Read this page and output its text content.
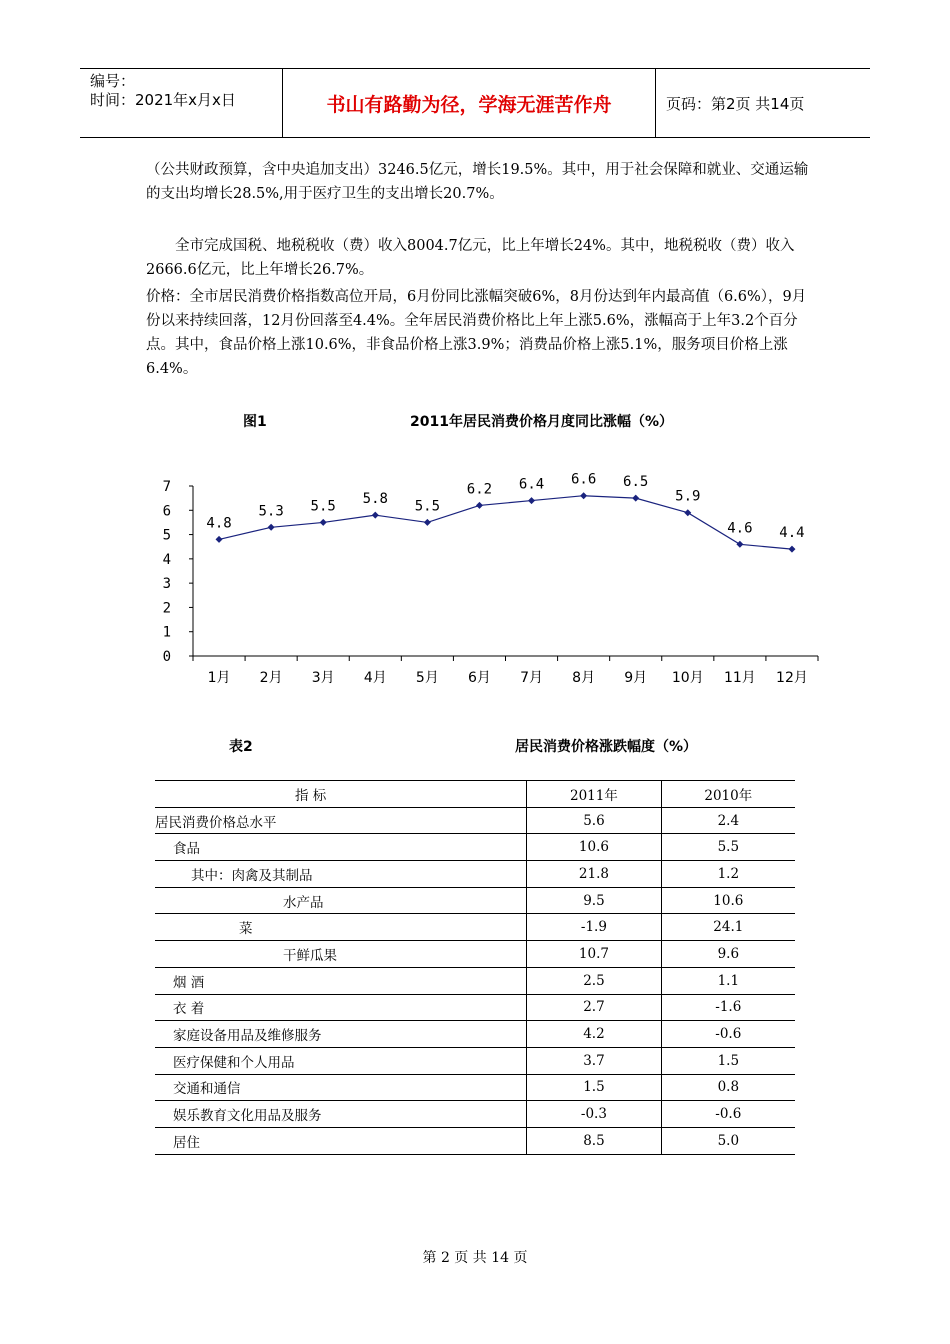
编号：
时间：2021年x月x日	书山有路勤为径，学海无涯苦作舟	页码：第2页 共14页
（公共财政预算，含中央追加支出）3246.5亿元，增长19.5%。其中，用于社会保障和就业、交通运输的支出均增长28.5%,用于医疗卫生的支出增长20.7%。
全市完成国税、地税税收（费）收入8004.7亿元，比上年增长24%。其中，地税税收（费）收入2666.6亿元，比上年增长26.7%。
价格：全市居民消费价格指数高位开局，6月份同比涨幅突破6%，8月份达到年内最高值（6.6%），9月份以来持续回落，12月份回落至4.4%。全年居民消费价格比上年上涨5.6%，涨幅高于上年3.2个百分点。其中，食品价格上涨10.6%，非食品价格上涨3.9%；消费品价格上涨5.1%，服务项目价格上涨6.4%。
图1	2011年居民消费价格月度同比涨幅（%）
0
1
2
3
4
5
6
7
1月 2月 3月 4月 5月 6月 7月 8月 9月 10月 11月 12月
4.8
5.3 5.5 5.8 5.5
6.2 6.4 6.6 6.5
5.9
4.6 4.4
表2	居民消费价格涨跌幅度（%）
指 标	2011年	2010年
居民消费价格总水平	5.6	2.4
食品	10.6	5.5
其中：肉禽及其制品	21.8	1.2
水产品	9.5	10.6
菜	-1.9	24.1
干鲜瓜果	10.7	9.6
烟 酒	2.5	1.1
衣 着	2.7	-1.6
家庭设备用品及维修服务	4.2	-0.6
医疗保健和个人用品	3.7	1.5
交通和通信	1.5	0.8
娱乐教育文化用品及服务	-0.3	-0.6
居住	8.5	5.0
第 2 页 共 14 页
